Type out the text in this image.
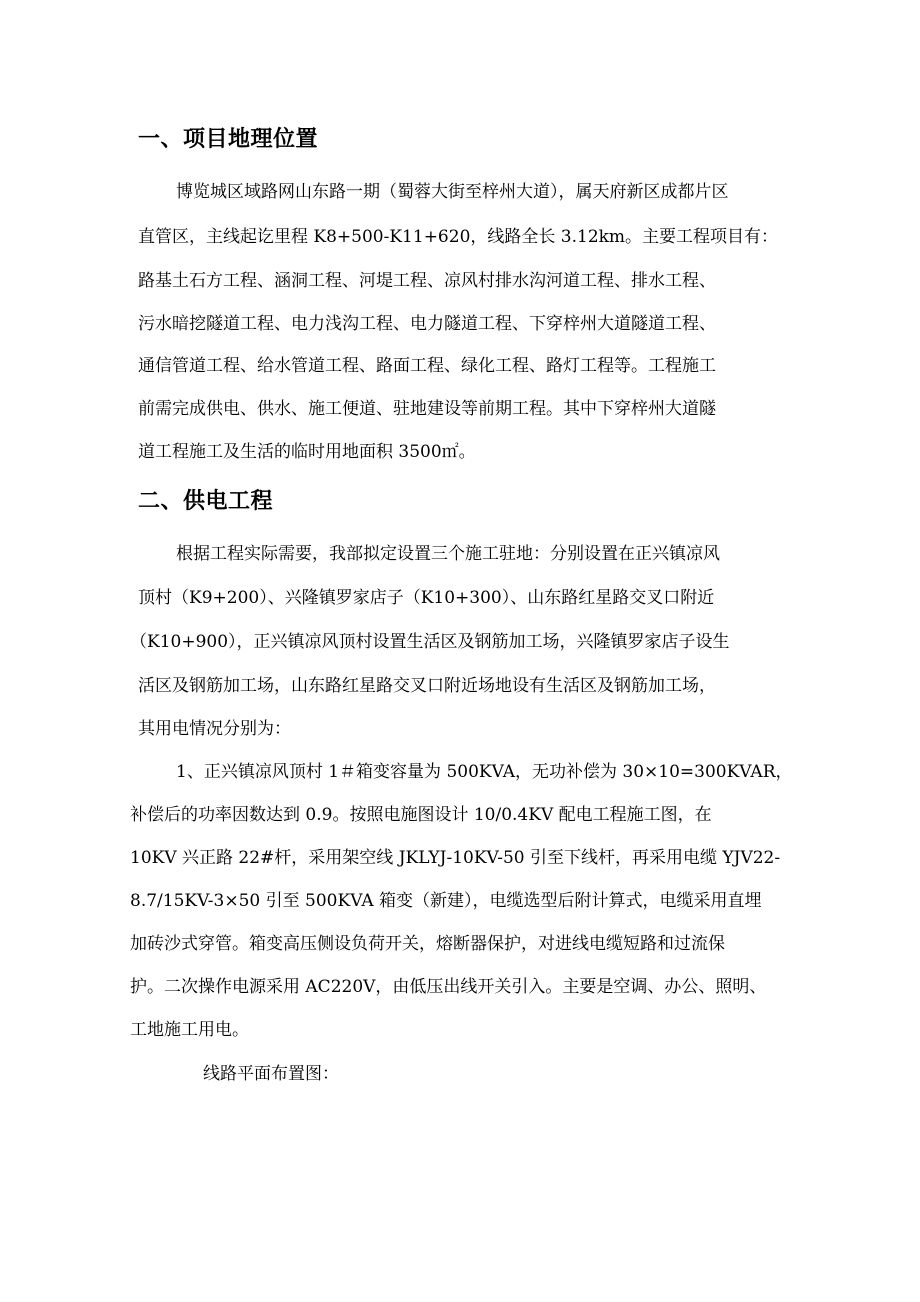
一、项目地理位置
博览城区域路网山东路一期（蜀蓉大街至梓州大道），属天府新区成都片区
直管区，主线起讫里程 K8+500-K11+620，线路全长 3.12km。主要工程项目有：
路基土石方工程、涵洞工程、河堤工程、凉风村排水沟河道工程、排水工程、
污水暗挖隧道工程、电力浅沟工程、电力隧道工程、下穿梓州大道隧道工程、
通信管道工程、给水管道工程、路面工程、绿化工程、路灯工程等。工程施工
前需完成供电、供水、施工便道、驻地建设等前期工程。其中下穿梓州大道隧
道工程施工及生活的临时用地面积 3500㎡。
二、供电工程
根据工程实际需要，我部拟定设置三个施工驻地：分别设置在正兴镇凉风
顶村（K9+200）、兴隆镇罗家店子（K10+300）、山东路红星路交叉口附近
（K10+900），正兴镇凉风顶村设置生活区及钢筋加工场，兴隆镇罗家店子设生
活区及钢筋加工场，山东路红星路交叉口附近场地设有生活区及钢筋加工场，
其用电情况分别为：
1、正兴镇凉风顶村 1＃箱变容量为 500KVA，无功补偿为 30×10=300KVAR，
补偿后的功率因数达到 0.9。按照电施图设计 10/0.4KV 配电工程施工图，在
10KV 兴正路 22#杆，采用架空线 JKLYJ-10KV-50 引至下线杆，再采用电缆 YJV22-
8.7/15KV-3×50 引至 500KVA 箱变（新建），电缆选型后附计算式，电缆采用直埋
加砖沙式穿管。箱变高压侧设负荷开关，熔断器保护，对进线电缆短路和过流保
护。二次操作电源采用 AC220V，由低压出线开关引入。主要是空调、办公、照明、
工地施工用电。
线路平面布置图：
